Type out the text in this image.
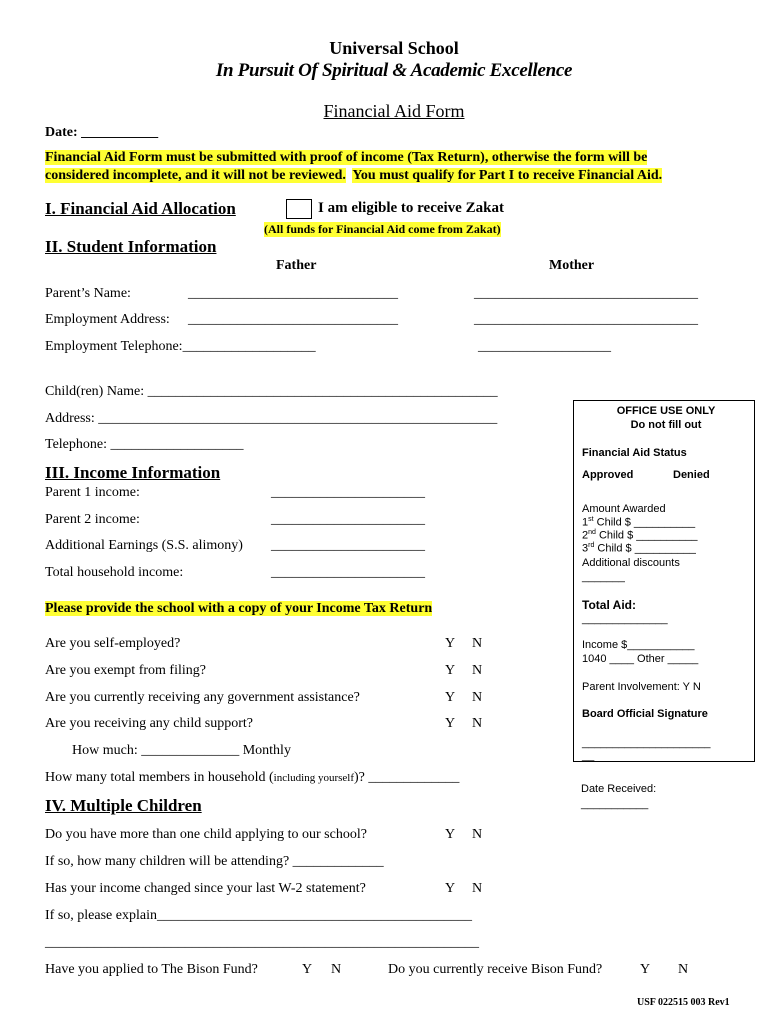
Universal School
In Pursuit Of Spiritual & Academic Excellence
Financial Aid Form
Date: ___________
Financial Aid Form must be submitted with proof of income (Tax Return), otherwise the form will be
considered incomplete, and it will not be reviewed. You must qualify for Part I to receive Financial Aid.
I. Financial Aid Allocation	I am eligible to receive Zakat
(All funds for Financial Aid come from Zakat)
II. Student Information
Father	Mother
Parent’s Name:	______________________________	________________________________
Employment Address: ______________________________	________________________________
Employment Telephone:___________________	___________________
Child(ren) Name: __________________________________________________
Address: _________________________________________________________
Telephone: ___________________
III. Income Information
Parent 1 income:	______________________
Parent 2 income:	______________________
Additional Earnings (S.S. alimony) ______________________
Total household income:	______________________
Please provide the school with a copy of your Income Tax Return
Are you self-employed?	Y N
Are you exempt from filing?	Y N
Are you currently receiving any government assistance?	Y N
Are you receiving any child support?	Y N
How much: ______________ Monthly
How many total members in household (including yourself)? _____________
IV. Multiple Children
Do you have more than one child applying to our school?	Y N
If so, how many children will be attending? _____________
Has your income changed since your last W-2 statement?	Y N
If so, please explain_____________________________________________
______________________________________________________________
Have you applied to The Bison Fund?	Y N	Do you currently receive Bison Fund?	Y N
OFFICE USE ONLY
Do not fill out
Financial Aid Status
Approved	Denied
Amount Awarded
1st Child $ __________
2nd Child $ __________
3rd Child $ __________
Additional discounts
_______
Total Aid:
______________
Income $___________
1040 ____ Other _____
Parent Involvement: Y N
Board Official Signature
_____________________
__
Date Received:
___________
USF 022515 003 Rev1
